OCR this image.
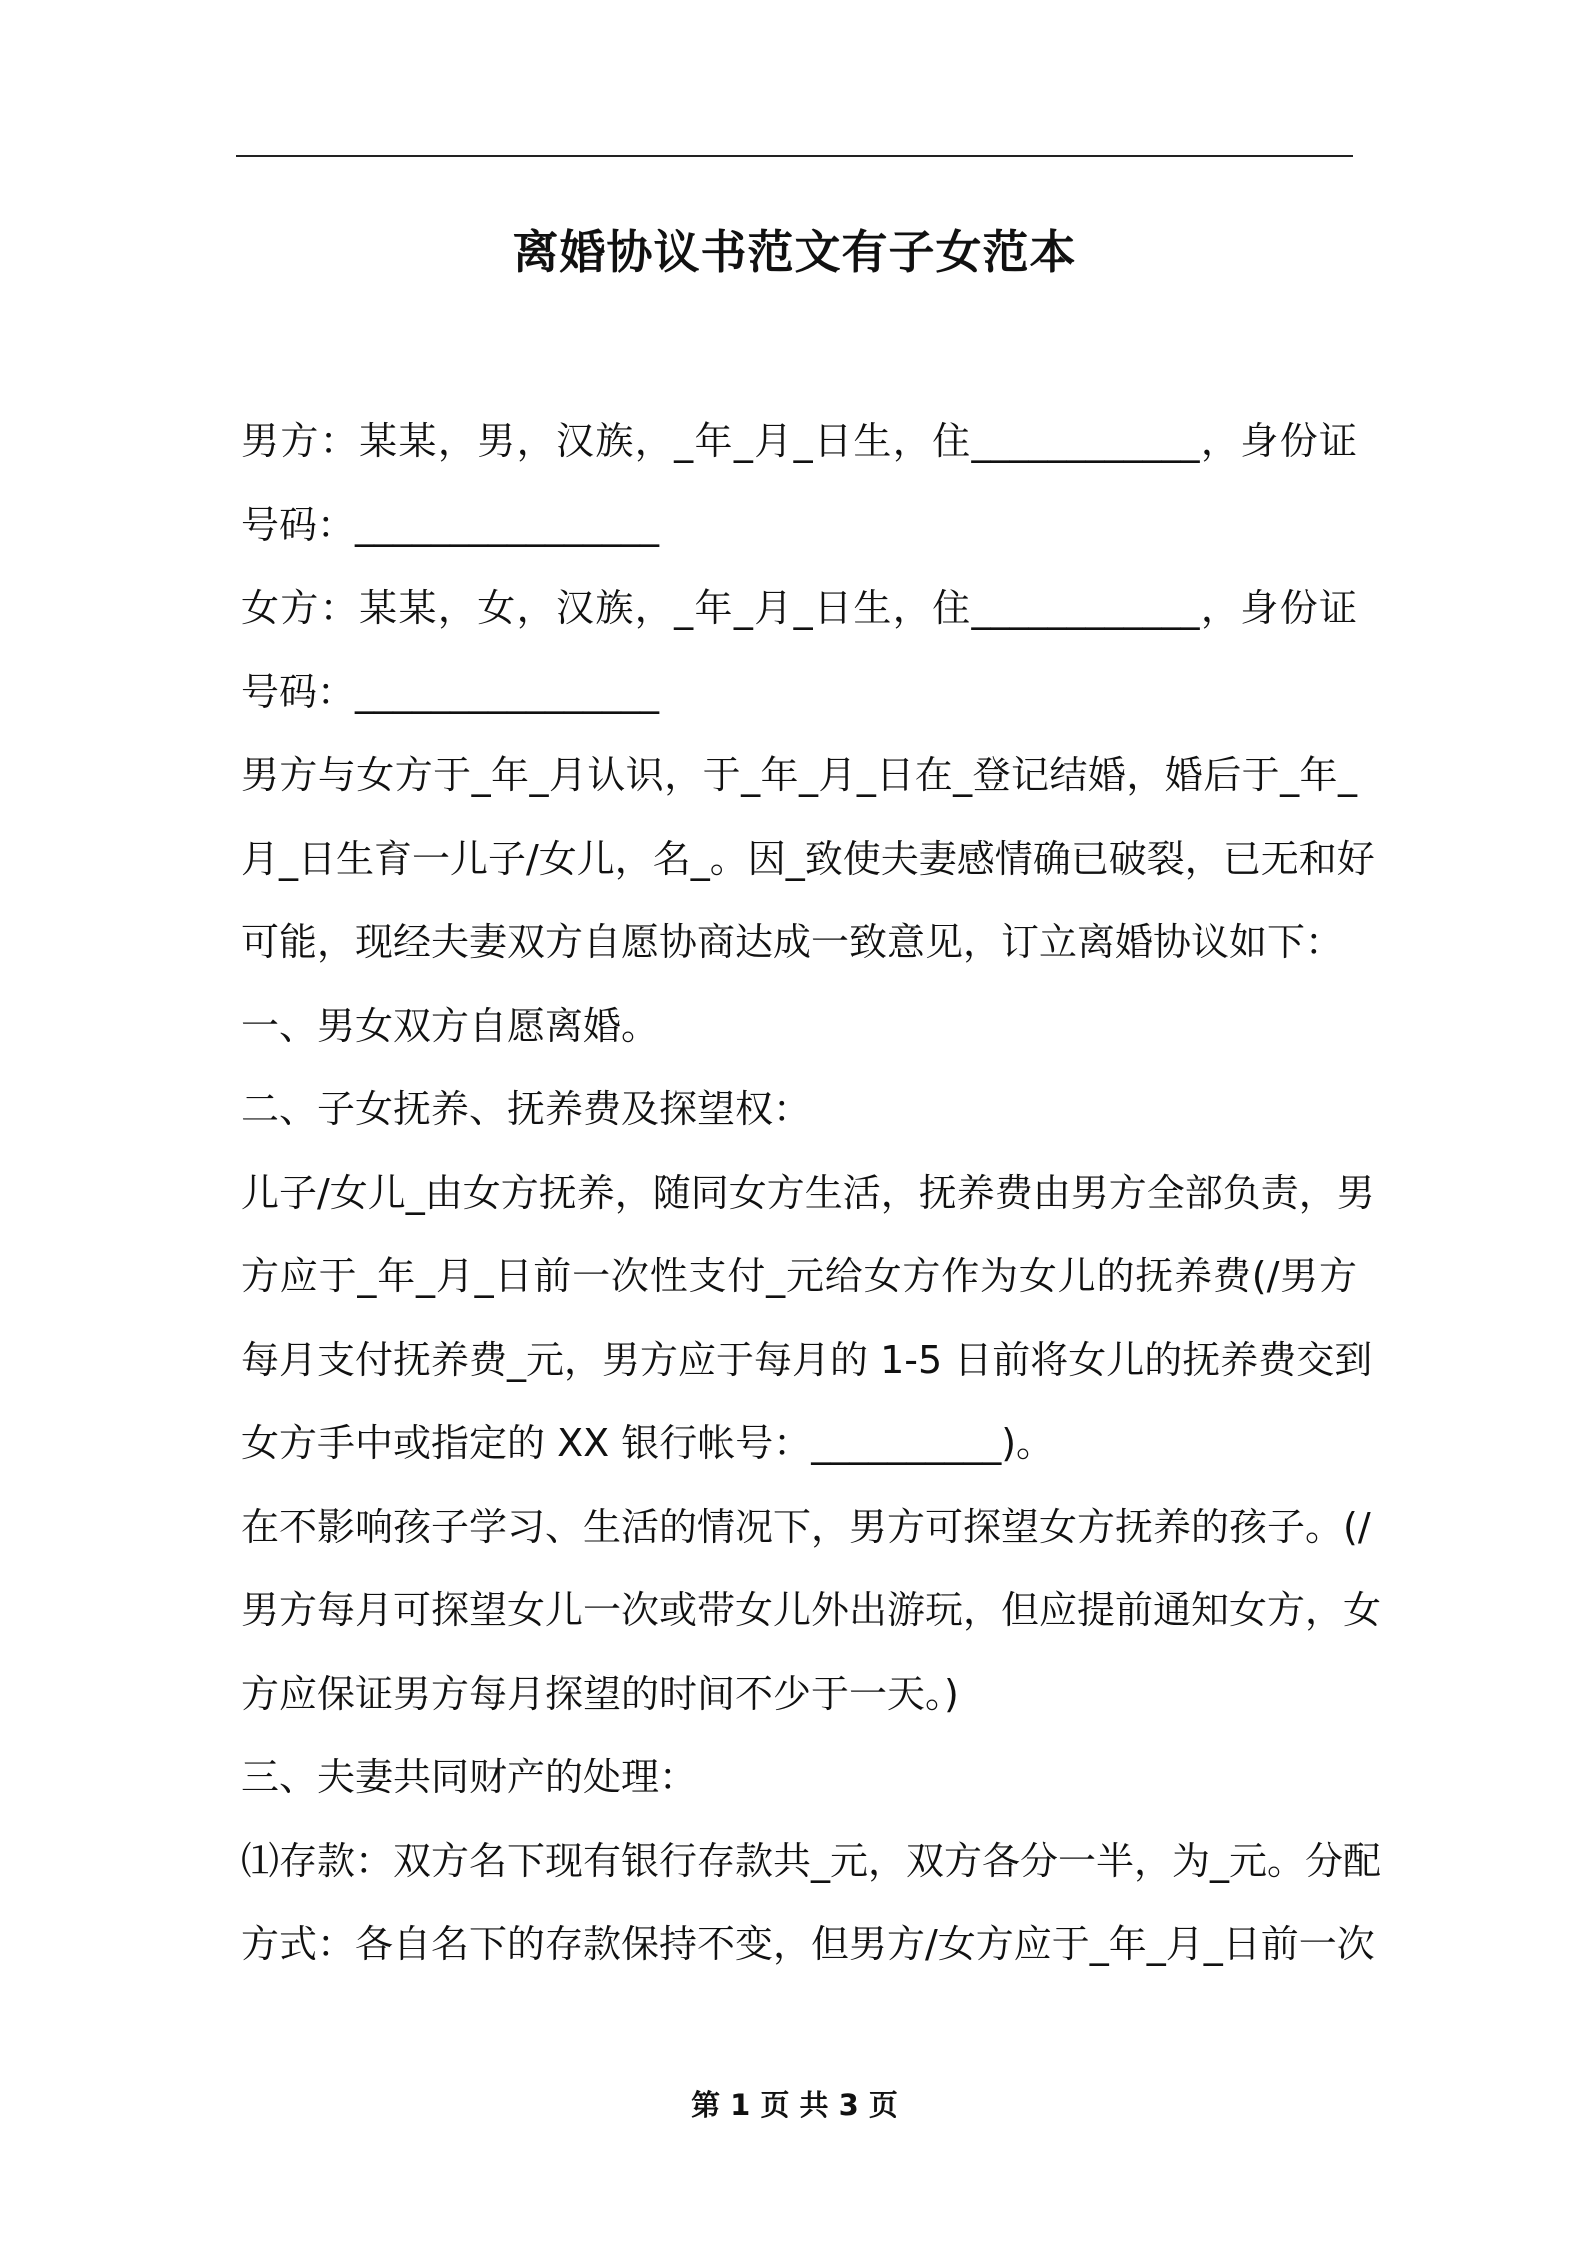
离婚协议书范文有子女范本
男方：某某，男，汉族，_年_月_日生，住____________，身份证
号码：________________
女方：某某，女，汉族，_年_月_日生，住____________，身份证
号码：________________
男方与女方于_年_月认识，于_年_月_日在_登记结婚，婚后于_年_
月_日生育一儿子/女儿，名_。因_致使夫妻感情确已破裂，已无和好
可能，现经夫妻双方自愿协商达成一致意见，订立离婚协议如下：
一、男女双方自愿离婚。
二、子女抚养、抚养费及探望权：
儿子/女儿_由女方抚养，随同女方生活，抚养费由男方全部负责，男
方应于_年_月_日前一次性支付_元给女方作为女儿的抚养费(/男方
每月支付抚养费_元，男方应于每月的 1-5 日前将女儿的抚养费交到
女方手中或指定的 XX 银行帐号：__________)。
在不影响孩子学习、生活的情况下，男方可探望女方抚养的孩子。(/
男方每月可探望女儿一次或带女儿外出游玩，但应提前通知女方，女
方应保证男方每月探望的时间不少于一天。)
三、夫妻共同财产的处理：
⑴存款：双方名下现有银行存款共_元，双方各分一半，为_元。分配
方式：各自名下的存款保持不变，但男方/女方应于_年_月_日前一次
第 1 页 共 3 页
